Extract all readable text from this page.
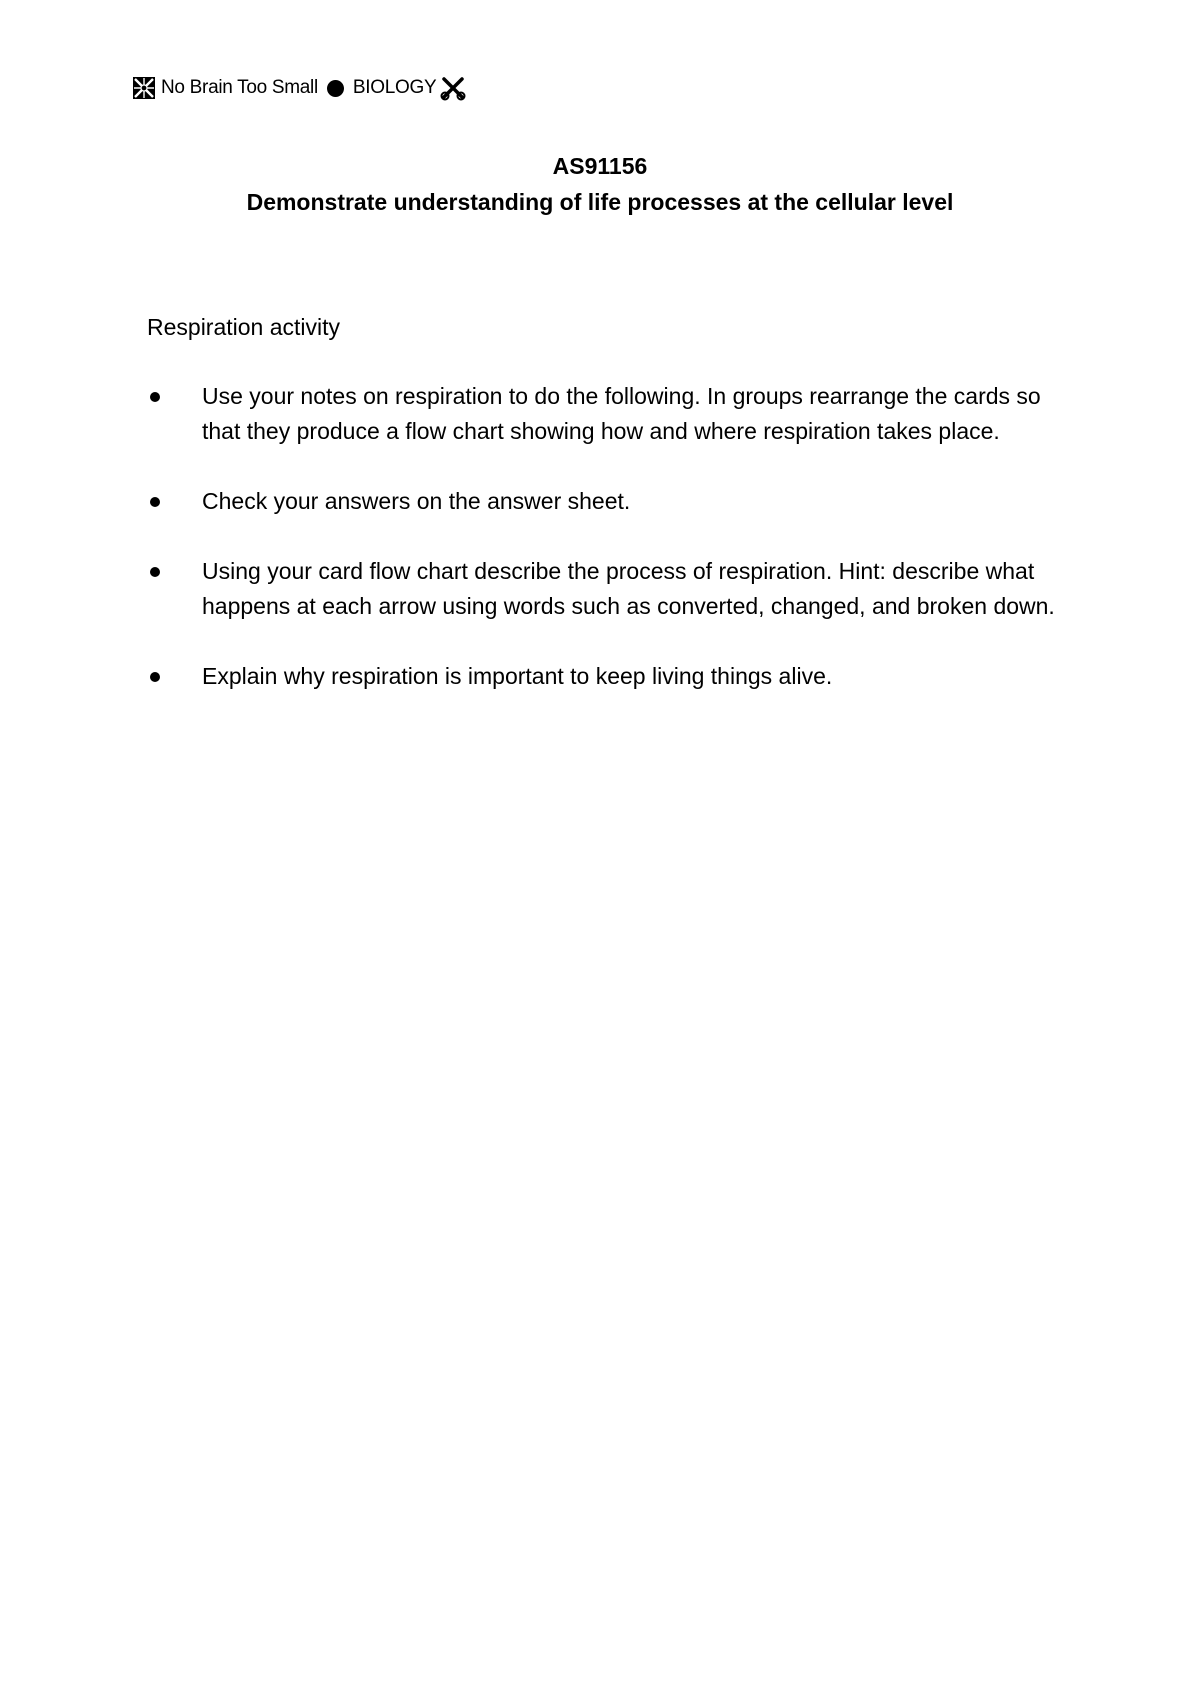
No Brain Too Small BIOLOGY
AS91156
Demonstrate understanding of life processes at the cellular level
Respiration activity
Use your notes on respiration to do the following. In groups rearrange the cards so that they produce a flow chart showing how and where respiration takes place.
Check your answers on the answer sheet.
Using your card flow chart describe the process of respiration. Hint: describe what happens at each arrow using words such as converted, changed, and broken down.
Explain why respiration is important to keep living things alive.
